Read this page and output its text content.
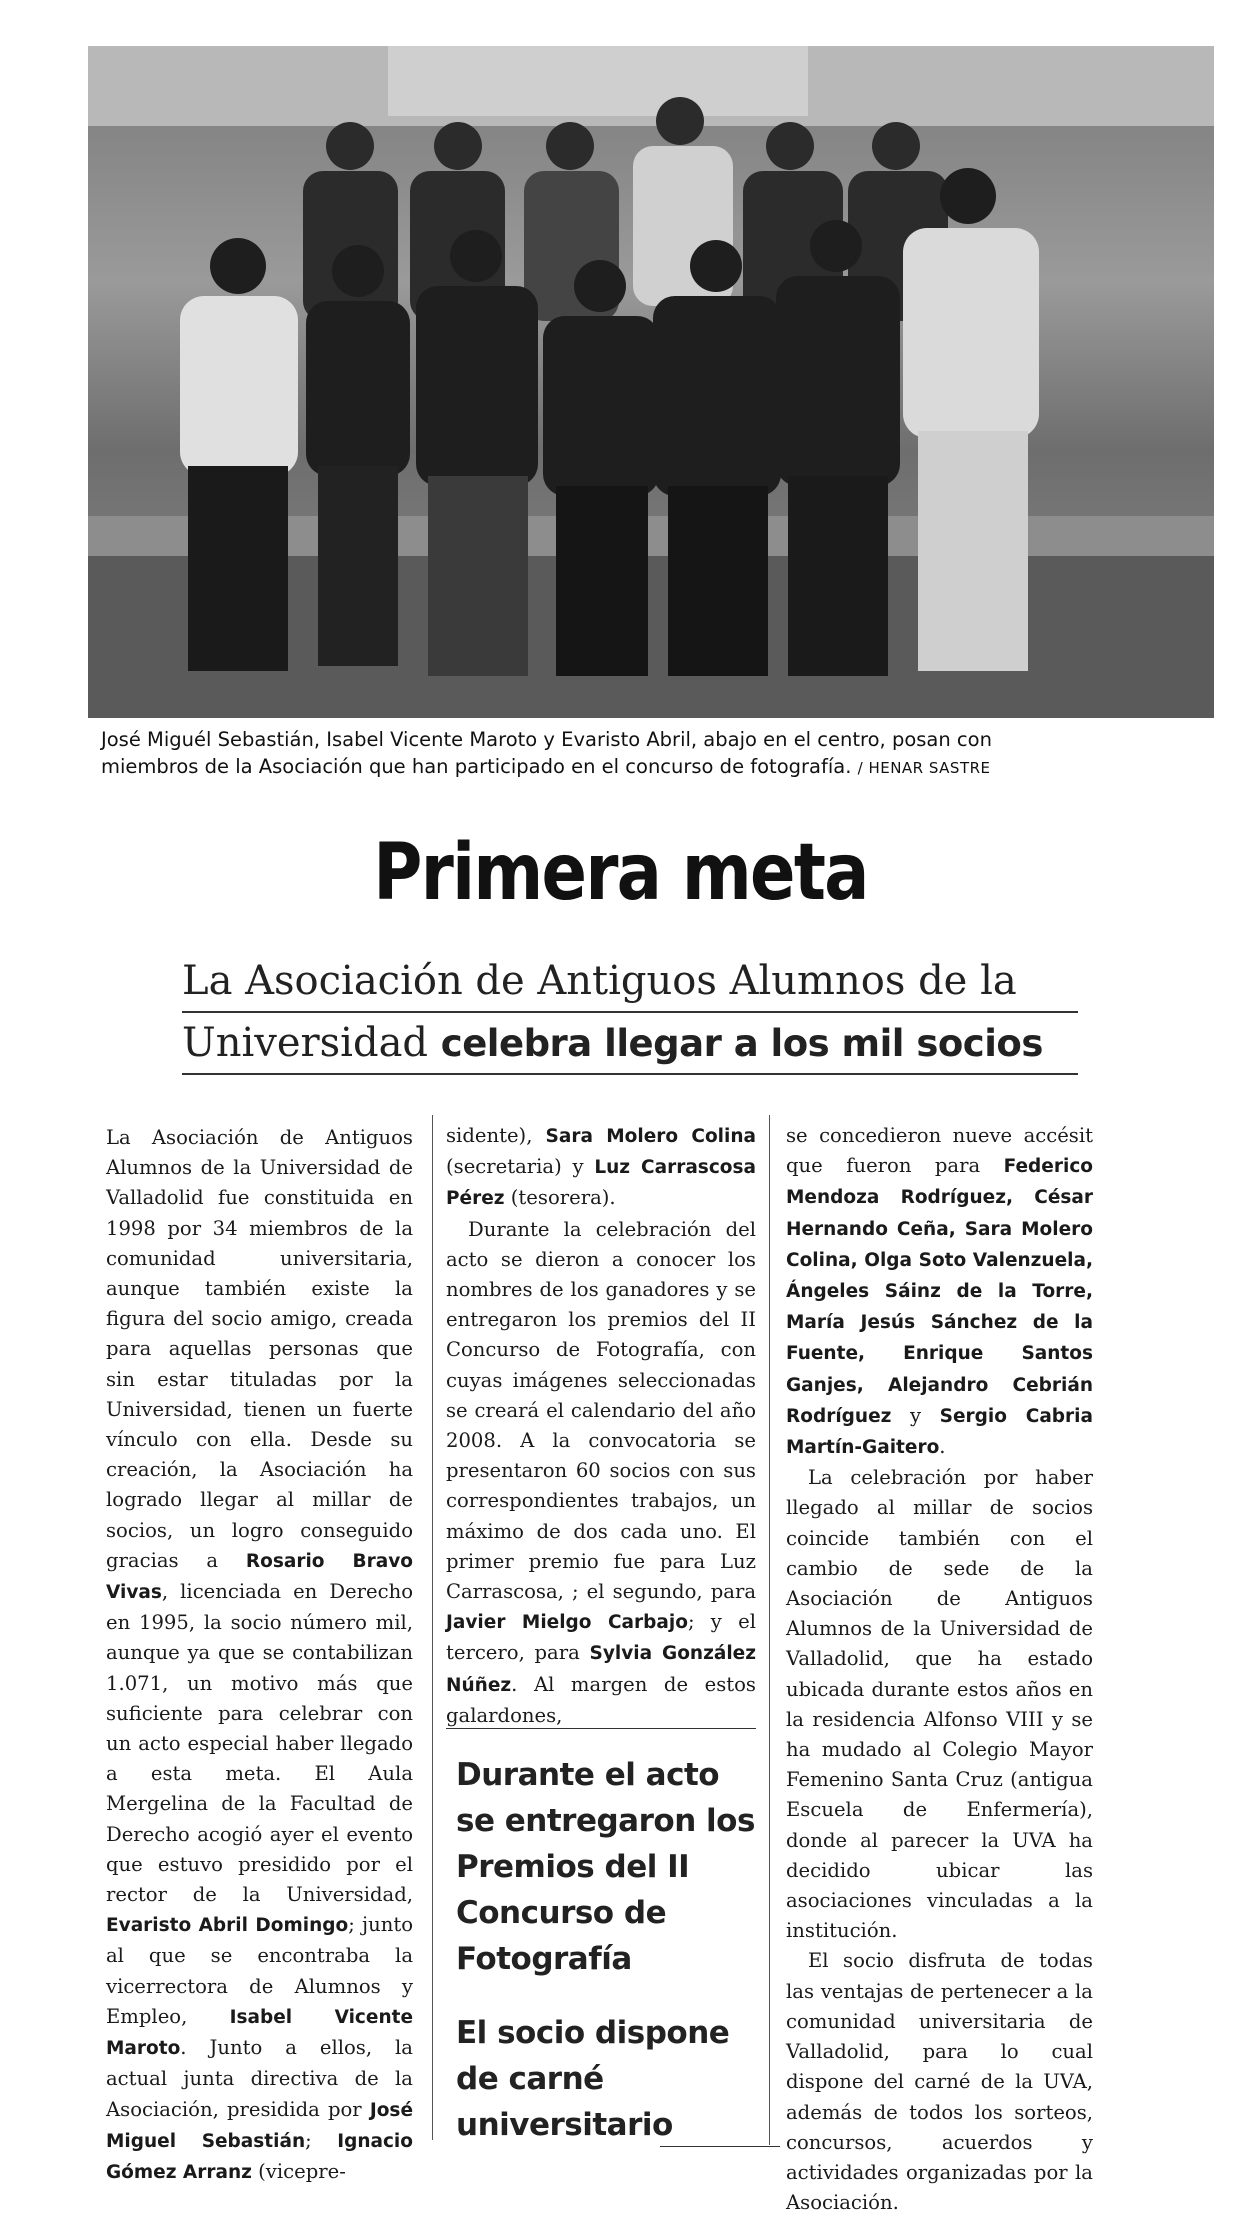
José Miguél Sebastián, Isabel Vicente Maroto y Evaristo Abril, abajo en el centro, posan con
miembros de la Asociación que han participado en el concurso de fotografía. / HENAR SASTRE
Primera meta
La Asociación de Antiguos Alumnos de la
Universidad celebra llegar a los mil socios

La Asociación de Antiguos Alumnos de la Universidad de Valladolid fue constituida en 1998 por 34 miembros de la comunidad universitaria, aunque también existe la figura del socio amigo, creada para aquellas personas que sin estar tituladas por la Universidad, tienen un fuerte vínculo con ella. Desde su creación, la Asociación ha logrado llegar al millar de socios, un logro conseguido gracias a Rosario Bravo Vivas, licenciada en Derecho en 1995, la socio número mil, aunque ya que se contabilizan 1.071, un motivo más que suficiente para celebrar con un acto especial haber llegado a esta meta. El Aula Mergelina de la Facultad de Derecho acogió ayer el evento que estuvo presidido por el rector de la Universidad, Evaristo Abril Domingo; junto al que se encontraba la vicerrectora de Alumnos y Empleo, Isabel Vicente Maroto. Junto a ellos, la actual junta directiva de la Asociación, presidida por José Miguel Sebastián; Ignacio Gómez Arranz (vicepre-

sidente), Sara Molero Colina (secretaria) y Luz Carrascosa Pérez (tesorera).

Durante la celebración del acto se dieron a conocer los nombres de los ganadores y se entregaron los premios del II Concurso de Fotografía, con cuyas imágenes seleccionadas se creará el calendario del año 2008. A la convocatoria se presentaron 60 socios con sus correspondientes trabajos, un máximo de dos cada uno. El primer premio fue para Luz Carrascosa, ; el segundo, para Javier Mielgo Carbajo; y el tercero, para Sylvia González Núñez. Al margen de estos galardones,

Durante el acto se entregaron los Premios del II Concurso de Fotografía
El socio dispone de carné universitario

se concedieron nueve accésit que fueron para Federico Mendoza Rodríguez, César Hernando Ceña, Sara Molero Colina, Olga Soto Valenzuela, Ángeles Sáinz de la Torre, María Jesús Sánchez de la Fuente, Enrique Santos Ganjes, Alejandro Cebrián Rodríguez y Sergio Cabria Martín-Gaitero.

La celebración por haber llegado al millar de socios coincide también con el cambio de sede de la Asociación de Antiguos Alumnos de la Universidad de Valladolid, que ha estado ubicada durante estos años en la residencia Alfonso VIII y se ha mudado al Colegio Mayor Femenino Santa Cruz (antigua Escuela de Enfermería), donde al parecer la UVA ha decidido ubicar las asociaciones vinculadas a la institución.

El socio disfruta de todas las ventajas de pertenecer a la comunidad universitaria de Valladolid, para lo cual dispone del carné de la UVA, además de todos los sorteos, concursos, acuerdos y actividades organizadas por la Asociación.
